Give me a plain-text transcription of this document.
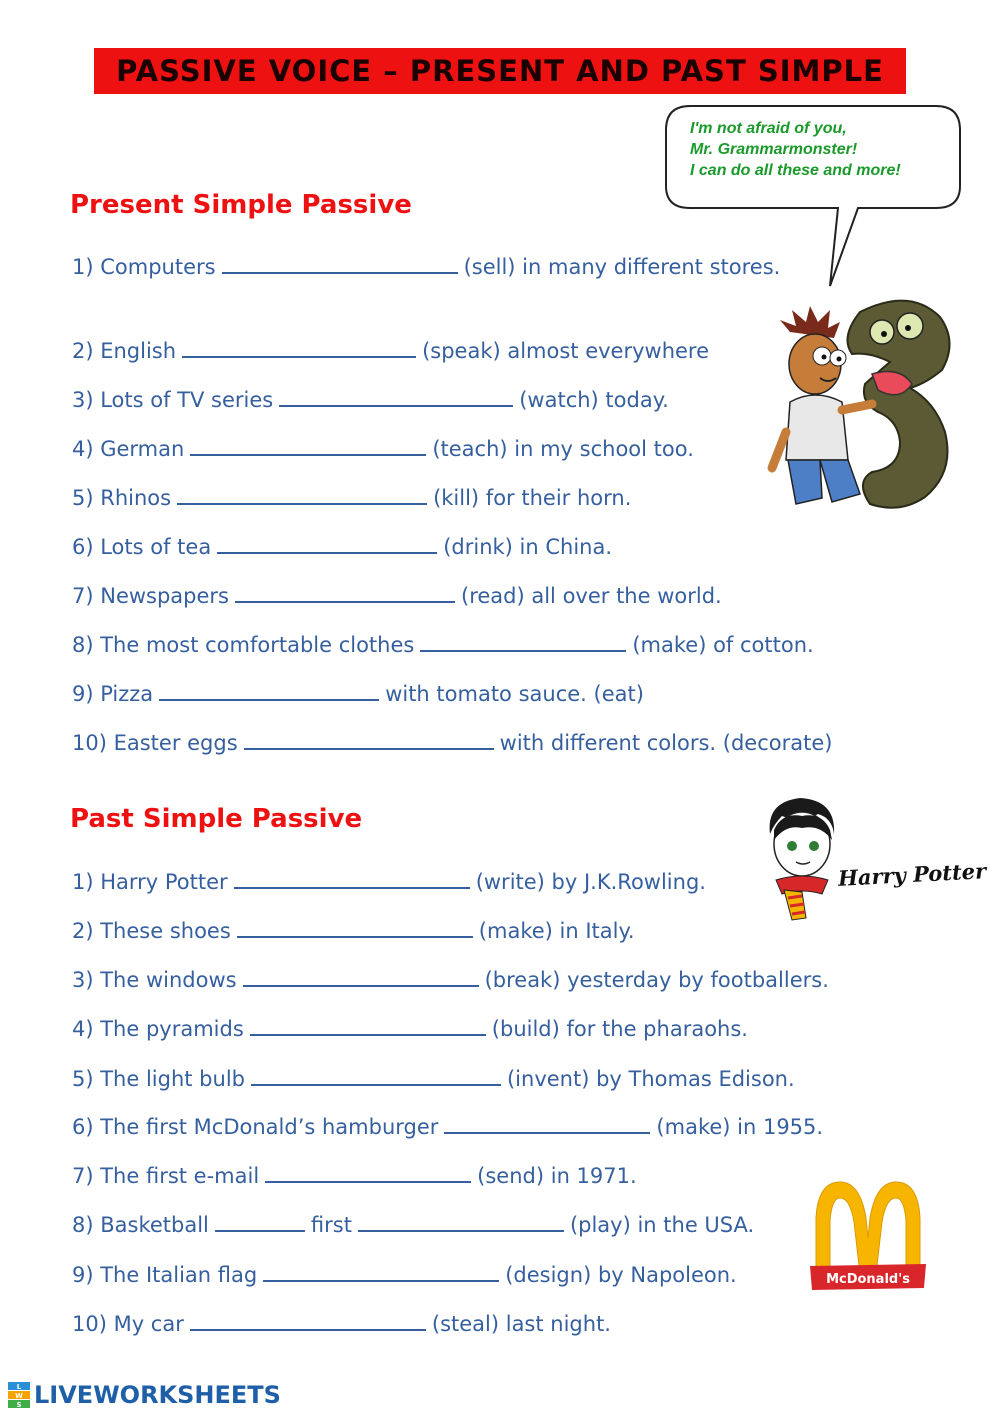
PASSIVE VOICE – PRESENT AND PAST SIMPLE
I'm not afraid of you,
Mr. Grammarmonster!
I can do all these and more!
Present Simple Passive
1) Computers	(sell) in many different stores.
2) English	(speak) almost everywhere
3) Lots of TV series	(watch) today.
4) German	(teach) in my school too.
5) Rhinos	(kill) for their horn.
6) Lots of tea	(drink) in China.
7) Newspapers	(read) all over the world.
8) The most comfortable clothes	(make) of cotton.
9) Pizza	with tomato sauce. (eat)
10) Easter eggs	with different colors. (decorate)
Past Simple Passive
1) Harry Potter	(write) by J.K.Rowling.
2) These shoes	(make) in Italy.
3) The windows	(break) yesterday by footballers.
4) The pyramids	(build) for the pharaohs.
5) The light bulb	(invent) by Thomas Edison.
6) The first McDonald’s hamburger	(make) in 1955.
7) The first e-mail	(send) in 1971.
8) Basketball	first	(play) in the USA.
9) The Italian flag	(design) by Napoleon.
10) My car	(steal) last night.
Harry Potter
McDonald's
L
W
S LIVEWORKSHEETS
